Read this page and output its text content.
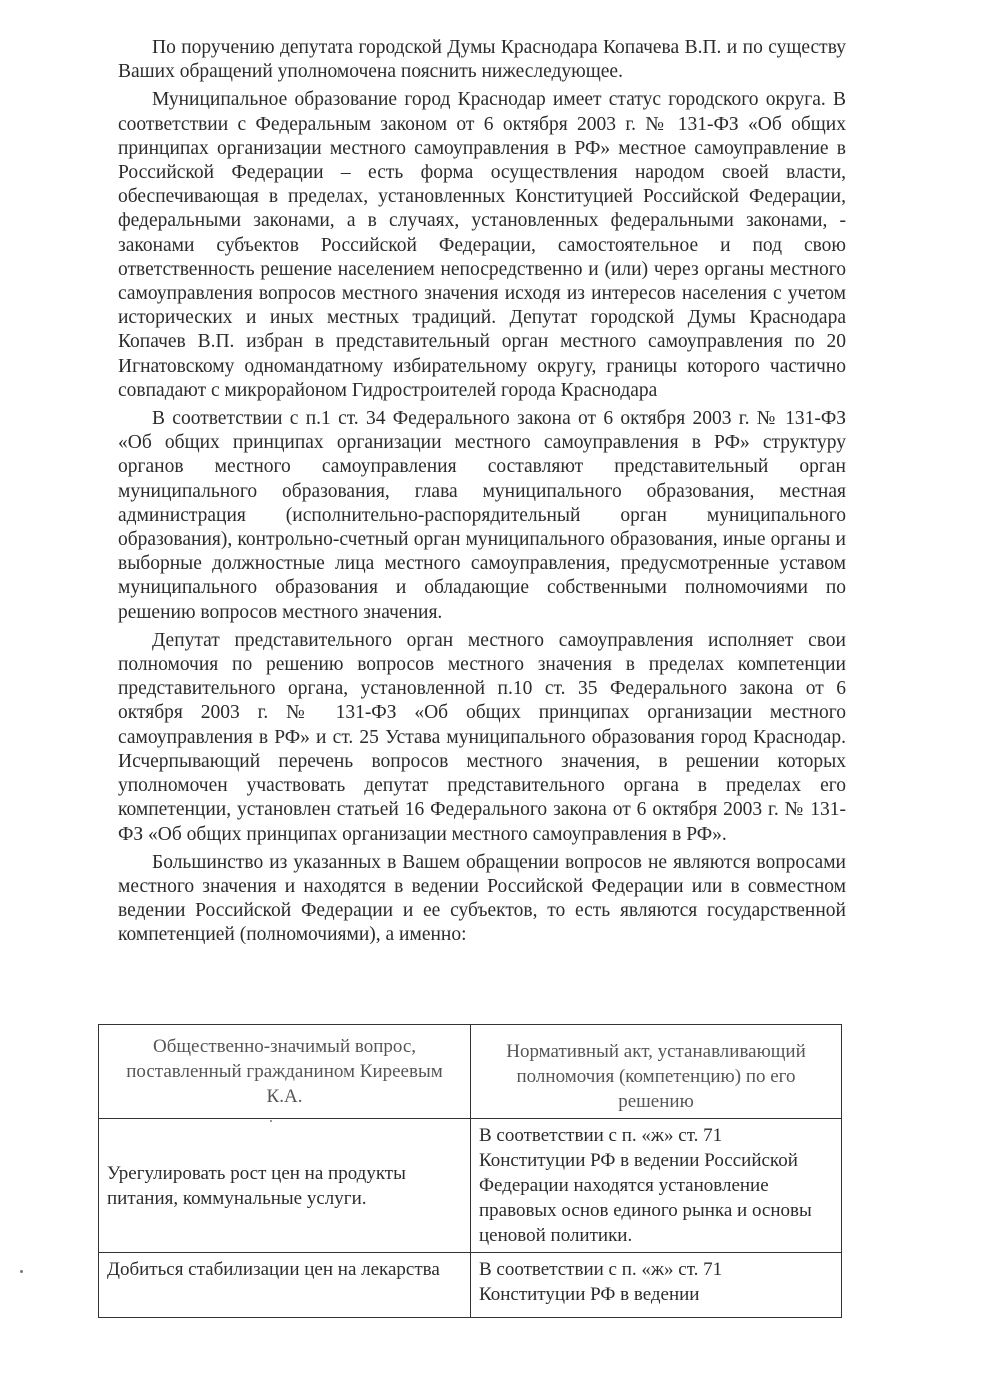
По поручению депутата городской Думы Краснодара Копачева В.П. и по существу Ваших обращений уполномочена пояснить нижеследующее.

Муниципальное образование город Краснодар имеет статус городского округа. В соответствии с Федеральным законом от 6 октября 2003 г. № 131-ФЗ «Об общих принципах организации местного самоуправления в РФ» местное самоуправление в Российской Федерации – есть форма осуществления народом своей власти, обеспечивающая в пределах, установленных Конституцией Российской Федерации, федеральными законами, а в случаях, установленных федеральными законами, - законами субъектов Российской Федерации, самостоятельное и под свою ответственность решение населением непосредственно и (или) через органы местного самоуправления вопросов местного значения исходя из интересов населения с учетом исторических и иных местных традиций. Депутат городской Думы Краснодара Копачев В.П. избран в представительный орган местного самоуправления по 20 Игнатовскому одномандатному избирательному округу, границы которого частично совпадают с микрорайоном Гидростроителей города Краснодара

В соответствии с п.1 ст. 34 Федерального закона от 6 октября 2003 г. № 131-ФЗ «Об общих принципах организации местного самоуправления в РФ» структуру органов местного самоуправления составляют представительный орган муниципального образования, глава муниципального образования, местная администрация (исполнительно-распорядительный орган муниципального образования), контрольно-счетный орган муниципального образования, иные органы и выборные должностные лица местного самоуправления, предусмотренные уставом муниципального образования и обладающие собственными полномочиями по решению вопросов местного значения.

Депутат представительного орган местного самоуправления исполняет свои полномочия по решению вопросов местного значения в пределах компетенции представительного органа, установленной п.10 ст. 35 Федерального закона от 6 октября 2003 г. № 131-ФЗ «Об общих принципах организации местного самоуправления в РФ» и ст. 25 Устава муниципального образования город Краснодар. Исчерпывающий перечень вопросов местного значения, в решении которых уполномочен участвовать депутат представительного органа в пределах его компетенции, установлен статьей 16 Федерального закона от 6 октября 2003 г. № 131-ФЗ «Об общих принципах организации местного самоуправления в РФ».

Большинство из указанных в Вашем обращении вопросов не являются вопросами местного значения и находятся в ведении Российской Федерации или в совместном ведении Российской Федерации и ее субъектов, то есть являются государственной компетенцией (полномочиями), а именно:

Общественно-значимый вопрос, поставленный гражданином Киреевым К.А.	Нормативный акт, устанавливающий полномочия (компетенцию) по его решению
Урегулировать рост цен на продукты питания, коммунальные услуги.	В соответствии с п. «ж» ст. 71 Конституции РФ в ведении Российской Федерации находятся установление правовых основ единого рынка и основы ценовой политики.
Добиться стабилизации цен на лекарства	В соответствии с п. «ж» ст. 71 Конституции РФ в ведении
